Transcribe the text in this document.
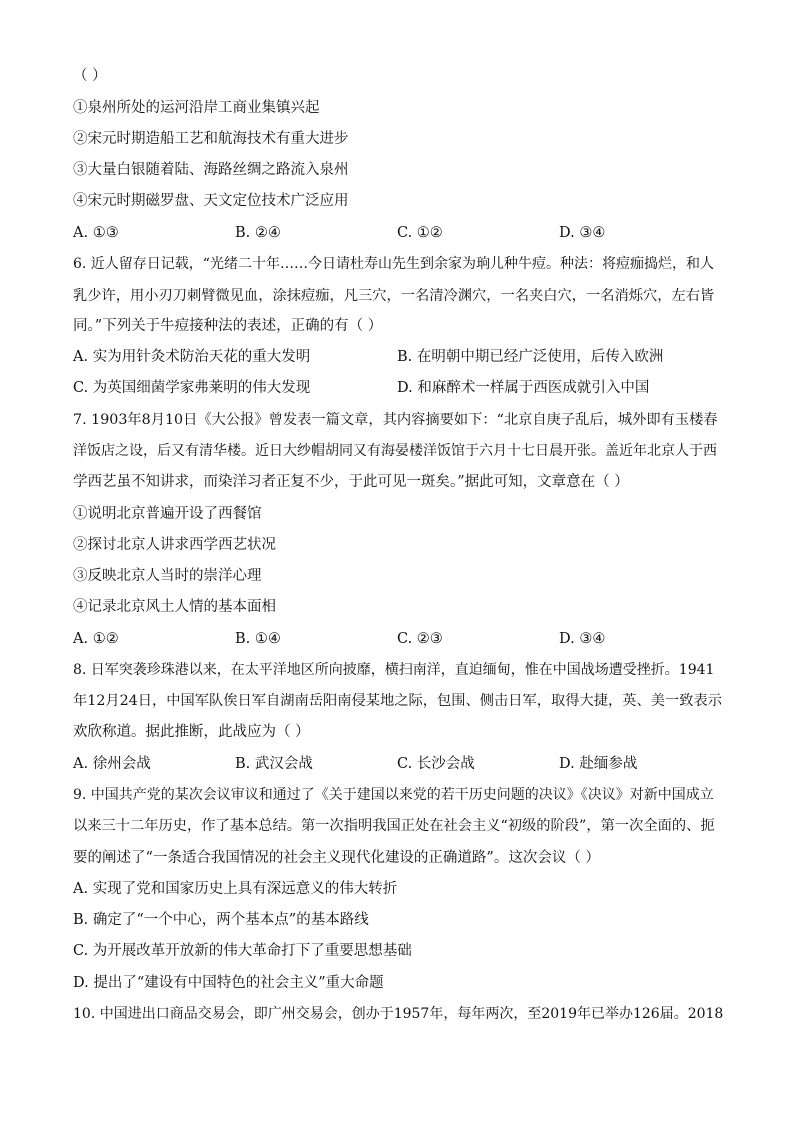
（ ）
①泉州所处的运河沿岸工商业集镇兴起
②宋元时期造船工艺和航海技术有重大进步
③大量白银随着陆、海路丝绸之路流入泉州
④宋元时期磁罗盘、天文定位技术广泛应用
A. ①③	B. ②④	C. ①②	D. ③④
6. 近人留存日记载，“光绪二十年……今日请杜寿山先生到余家为珦儿种牛痘。种法：将痘痂捣烂，和人
乳少许，用小刃刀刺臂微见血，涂抹痘痂，凡三穴，一名清冷渊穴，一名夹白穴，一名消烁穴，左右皆
同。”下列关于牛痘接种法的表述，正确的有（ ）
A. 实为用针灸术防治天花的重大发明	B. 在明朝中期已经广泛使用，后传入欧洲
C. 为英国细菌学家弗莱明的伟大发现	D. 和麻醉术一样属于西医成就引入中国
7. 1903年8月10日《大公报》曾发表一篇文章，其内容摘要如下：“北京自庚子乱后，城外即有玉楼春
洋饭店之设，后又有清华楼。近日大纱帽胡同又有海晏楼洋饭馆于六月十七日晨开张。盖近年北京人于西
学西艺虽不知讲求，而染洋习者正复不少，于此可见一斑矣。”据此可知，文章意在（ ）
①说明北京普遍开设了西餐馆
②探讨北京人讲求西学西艺状况
③反映北京人当时的崇洋心理
④记录北京风土人情的基本面相
A. ①②	B. ①④	C. ②③	D. ③④
8. 日军突袭珍珠港以来，在太平洋地区所向披靡，横扫南洋，直迫缅甸，惟在中国战场遭受挫折。1941
年12月24日，中国军队俟日军自湖南岳阳南侵某地之际，包围、侧击日军，取得大捷，英、美一致表示
欢欣称道。据此推断，此战应为（ ）
A. 徐州会战	B. 武汉会战	C. 长沙会战	D. 赴缅参战
9. 中国共产党的某次会议审议和通过了《关于建国以来党的若干历史问题的决议》《决议》对新中国成立
以来三十二年历史，作了基本总结。第一次指明我国正处在社会主义“初级的阶段”，第一次全面的、扼
要的阐述了“一条适合我国情况的社会主义现代化建设的正确道路”。这次会议（ ）
A. 实现了党和国家历史上具有深远意义的伟大转折
B. 确定了“一个中心，两个基本点”的基本路线
C. 为开展改革开放新的伟大革命打下了重要思想基础
D. 提出了“建设有中国特色的社会主义”重大命题
10. 中国进出口商品交易会，即广州交易会，创办于1957年，每年两次，至2019年已举办126届。2018
